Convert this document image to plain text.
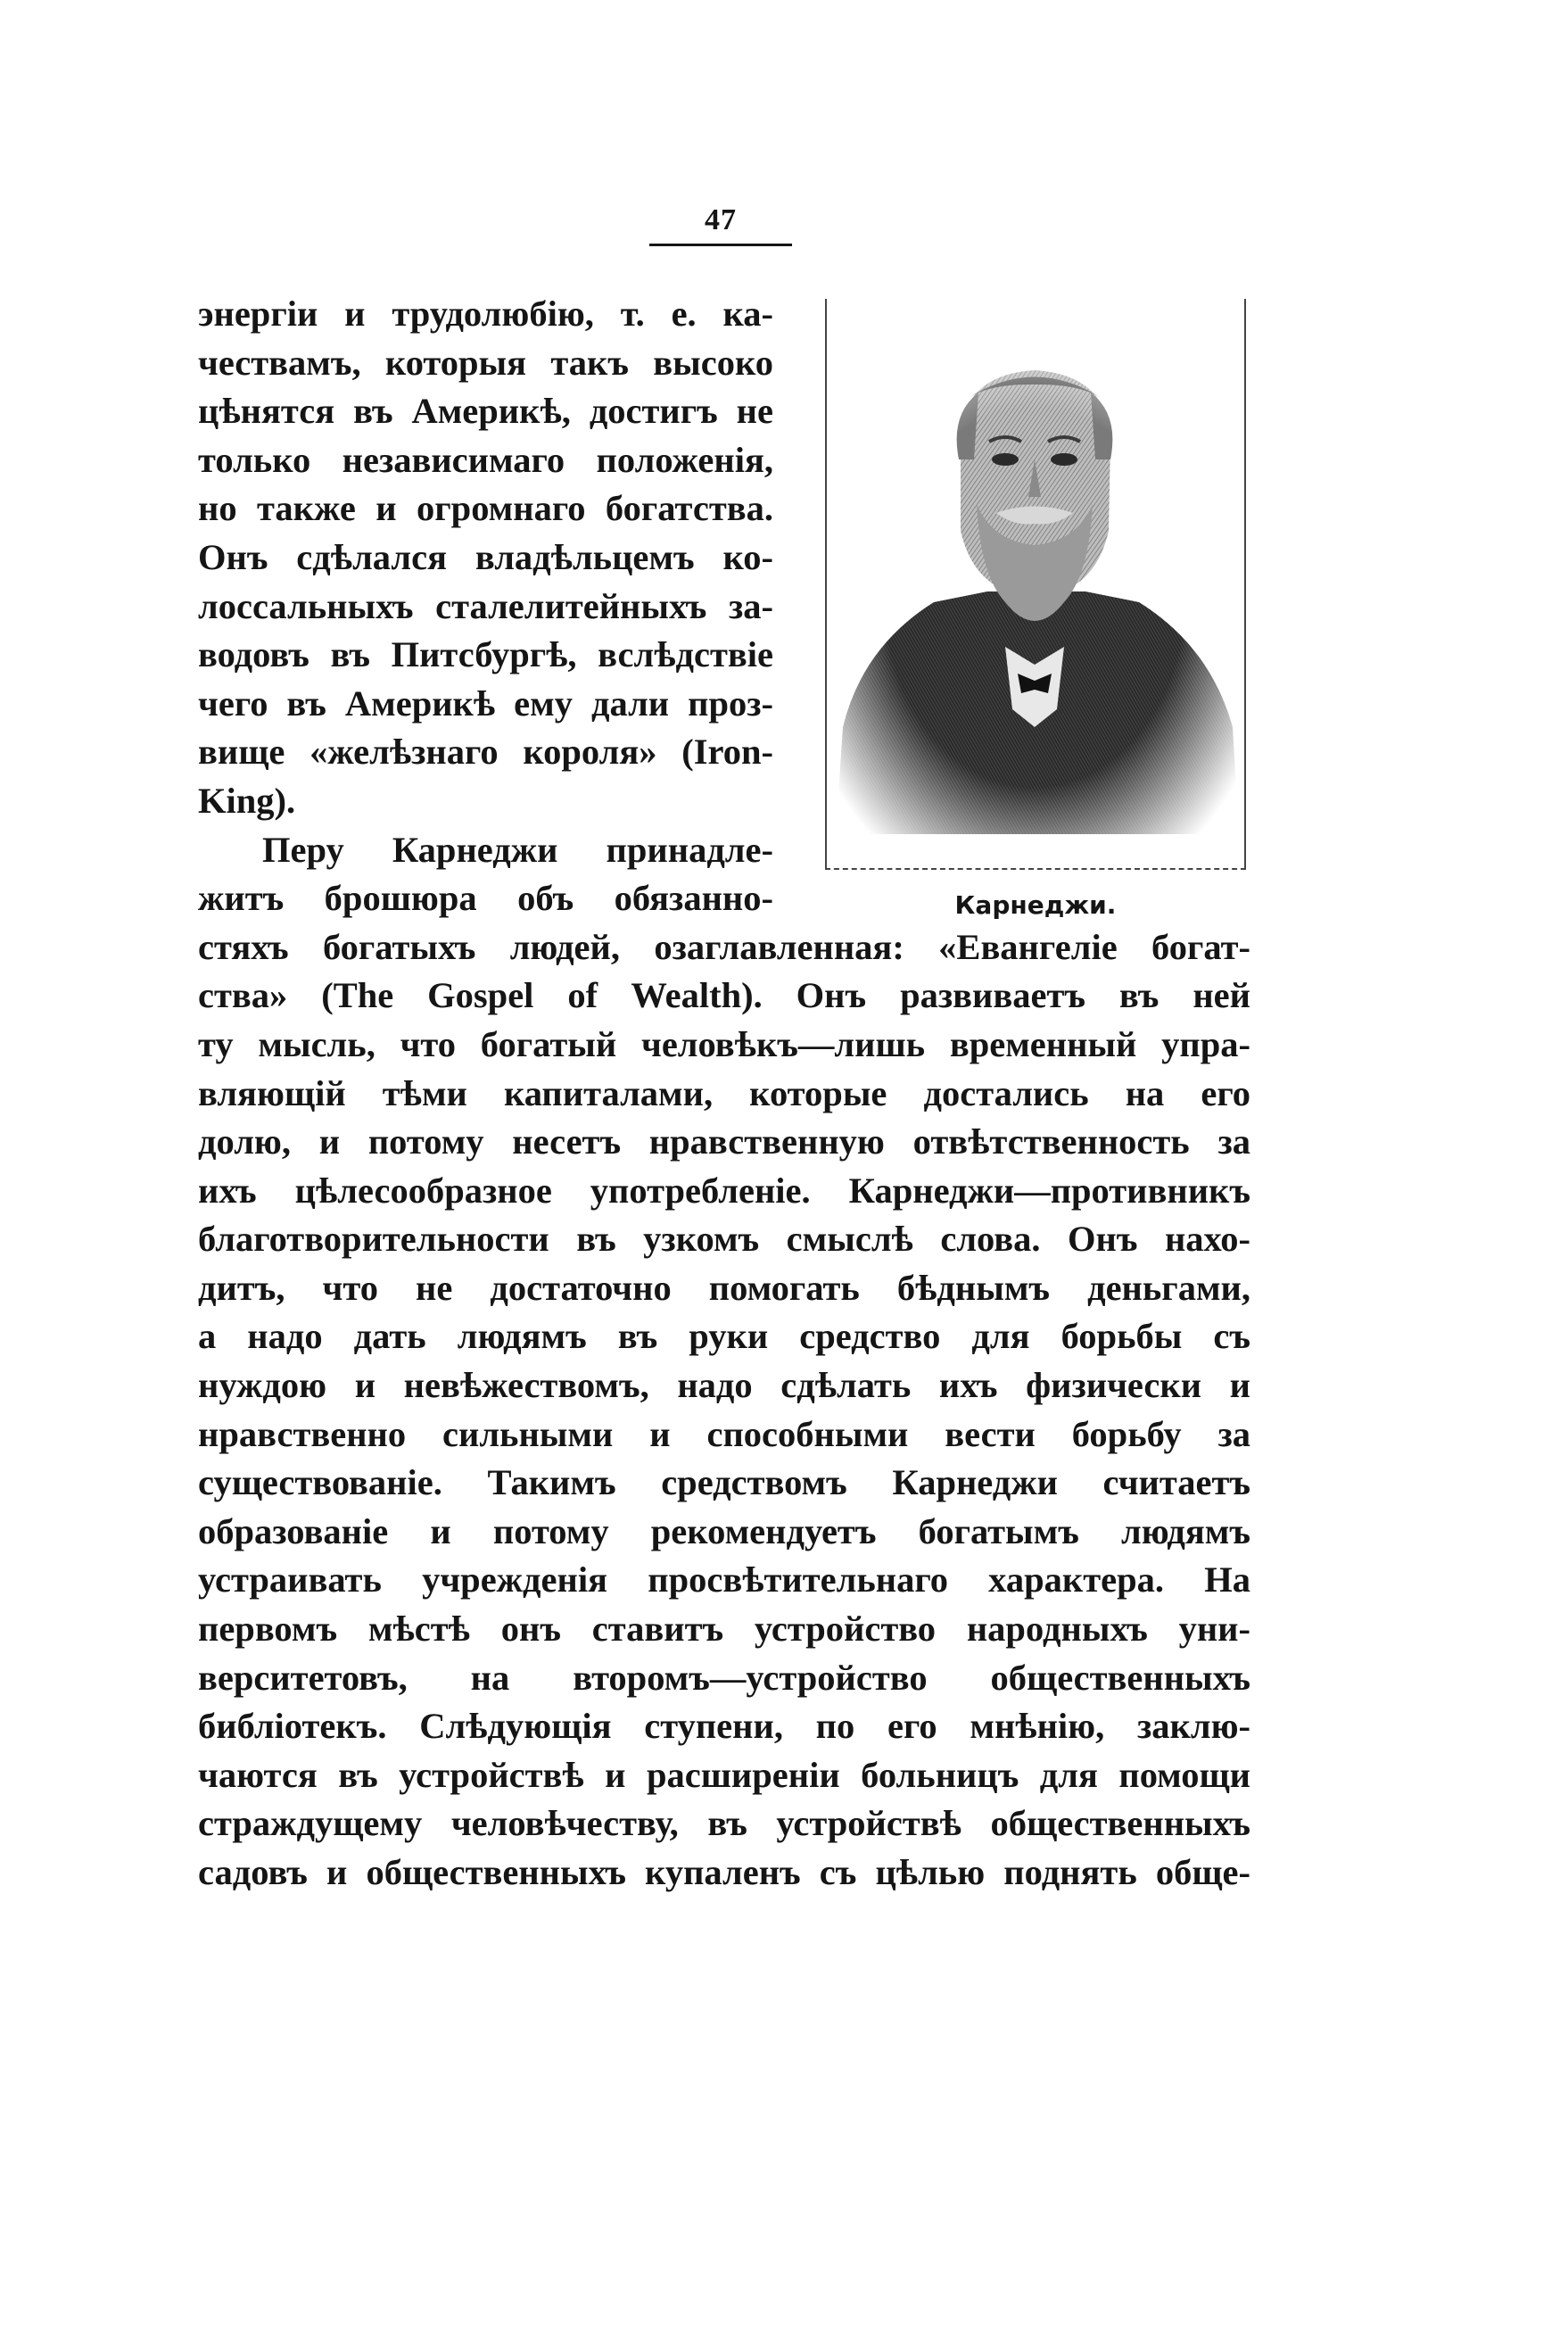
47
Карнеджи.
энергіи и трудолюбію, т. е. ка-
чествамъ, которыя такъ высоко
цѣнятся въ Америкѣ, достигъ не
только независимаго положенія,
но также и огромнаго богатства.
Онъ сдѣлался владѣльцемъ ко-
лоссальныхъ сталелитейныхъ за-
водовъ въ Питсбургѣ, вслѣдствіе
чего въ Америкѣ ему дали проз-
вище «желѣзнаго короля» (Iron-
King).
Перу Карнеджи принадле-
житъ брошюра объ обязанно-
стяхъ богатыхъ людей, озаглавленная: «Евангеліе богат-
ства» (The Gospel of Wealth). Онъ развиваетъ въ ней
ту мысль, что богатый человѣкъ—лишь временный упра-
вляющій тѣми капиталами, которые достались на его
долю, и потому несетъ нравственную отвѣтственность за
ихъ цѣлесообразное употребленіе. Карнеджи—противникъ
благотворительности въ узкомъ смыслѣ слова. Онъ нахо-
дитъ, что не достаточно помогать бѣднымъ деньгами,
а надо дать людямъ въ руки средство для борьбы съ
нуждою и невѣжествомъ, надо сдѣлать ихъ физически и
нравственно сильными и способными вести борьбу за
существованіе. Такимъ средствомъ Карнеджи считаетъ
образованіе и потому рекомендуетъ богатымъ людямъ
устраивать учрежденія просвѣтительнаго характера. На
первомъ мѣстѣ онъ ставитъ устройство народныхъ уни-
верситетовъ, на второмъ—устройство общественныхъ
библіотекъ. Слѣдующія ступени, по его мнѣнію, заклю-
чаются въ устройствѣ и расширеніи больницъ для помощи
страждущему человѣчеству, въ устройствѣ общественныхъ
садовъ и общественныхъ купаленъ съ цѣлью поднять обще-
